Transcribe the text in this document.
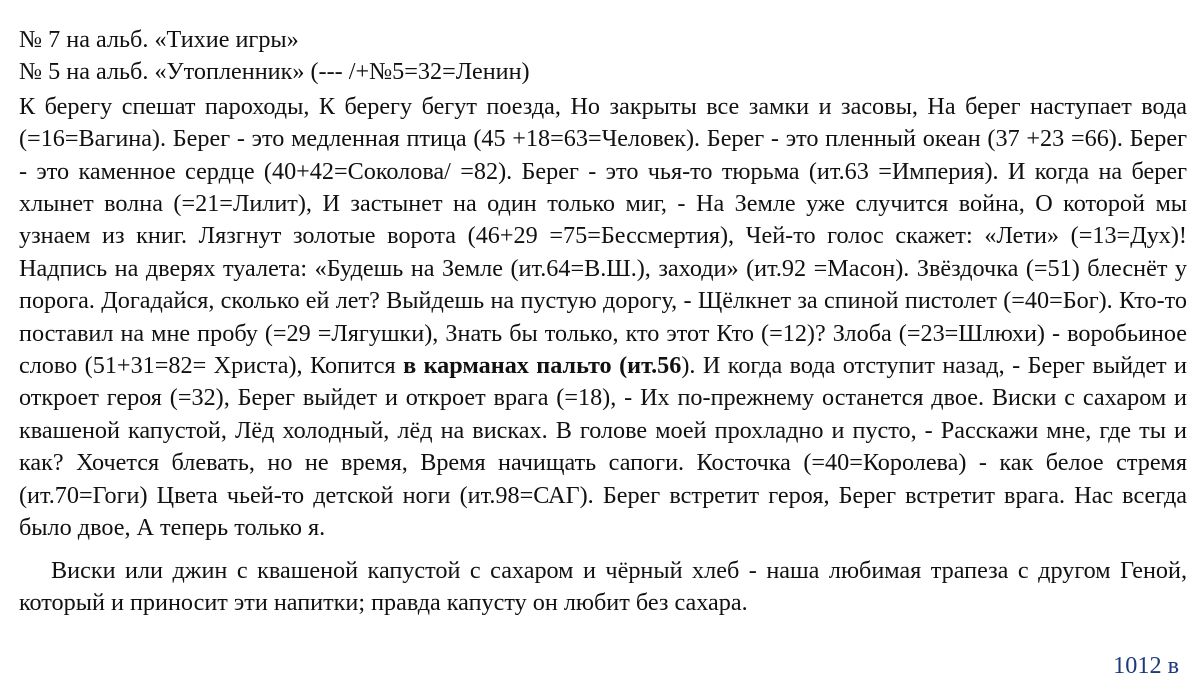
№ 7 на альб. «Тихие игры»

№ 5 на альб. «Утопленник» (--- /+№5=32=Ленин)

К берегу спешат пароходы, К берегу бегут поезда, Но закрыты все замки и засовы, На берег наступает вода (=16=Вагина). Берег - это медленная птица (45 +18=63=Человек). Берег - это пленный океан (37 +23 =66). Берег - это каменное сердце (40+42=Соколова/ =82). Берег - это чья-то тюрьма (ит.63 =Империя). И когда на берег хлынет волна (=21=Лилит), И застынет на один только миг, - На Земле уже случится война, О которой мы узнаем из книг. Лязгнут золотые ворота (46+29 =75=Бессмертия), Чей-то голос скажет: «Лети» (=13=Дух)! Надпись на дверях туалета: «Будешь на Земле (ит.64=В.Ш.), заходи» (ит.92 =Масон). Звёздочка (=51) блеснёт у порога. Догадайся, сколько ей лет? Выйдешь на пустую дорогу, - Щёлкнет за спиной пистолет (=40=Бог). Кто-то поставил на мне пробу (=29 =Лягушки), Знать бы только, кто этот Кто (=12)? Злоба (=23=Шлюхи) - воробьиное слово (51+31=82= Христа), Копится в карманах пальто (ит.56). И когда вода отступит назад, - Берег выйдет и откроет героя (=32), Берег выйдет и откроет врага (=18), - Их по-прежнему останется двое. Виски с сахаром и квашеной капустой, Лёд холодный, лёд на висках. В голове моей прохладно и пусто, - Расскажи мне, где ты и как? Хочется блевать, но не время, Время начищать сапоги. Косточка (=40=Королева) - как белое стремя (ит.70=Гоги) Цвета чьей-то детской ноги (ит.98=САГ). Берег встретит героя, Берег встретит врага. Нас всегда было двое, А теперь только я.

Виски или джин с квашеной капустой с сахаром и чёрный хлеб - наша любимая трапеза с другом Геной, который и приносит эти напитки; правда капусту он любит без сахара.

1012 в
